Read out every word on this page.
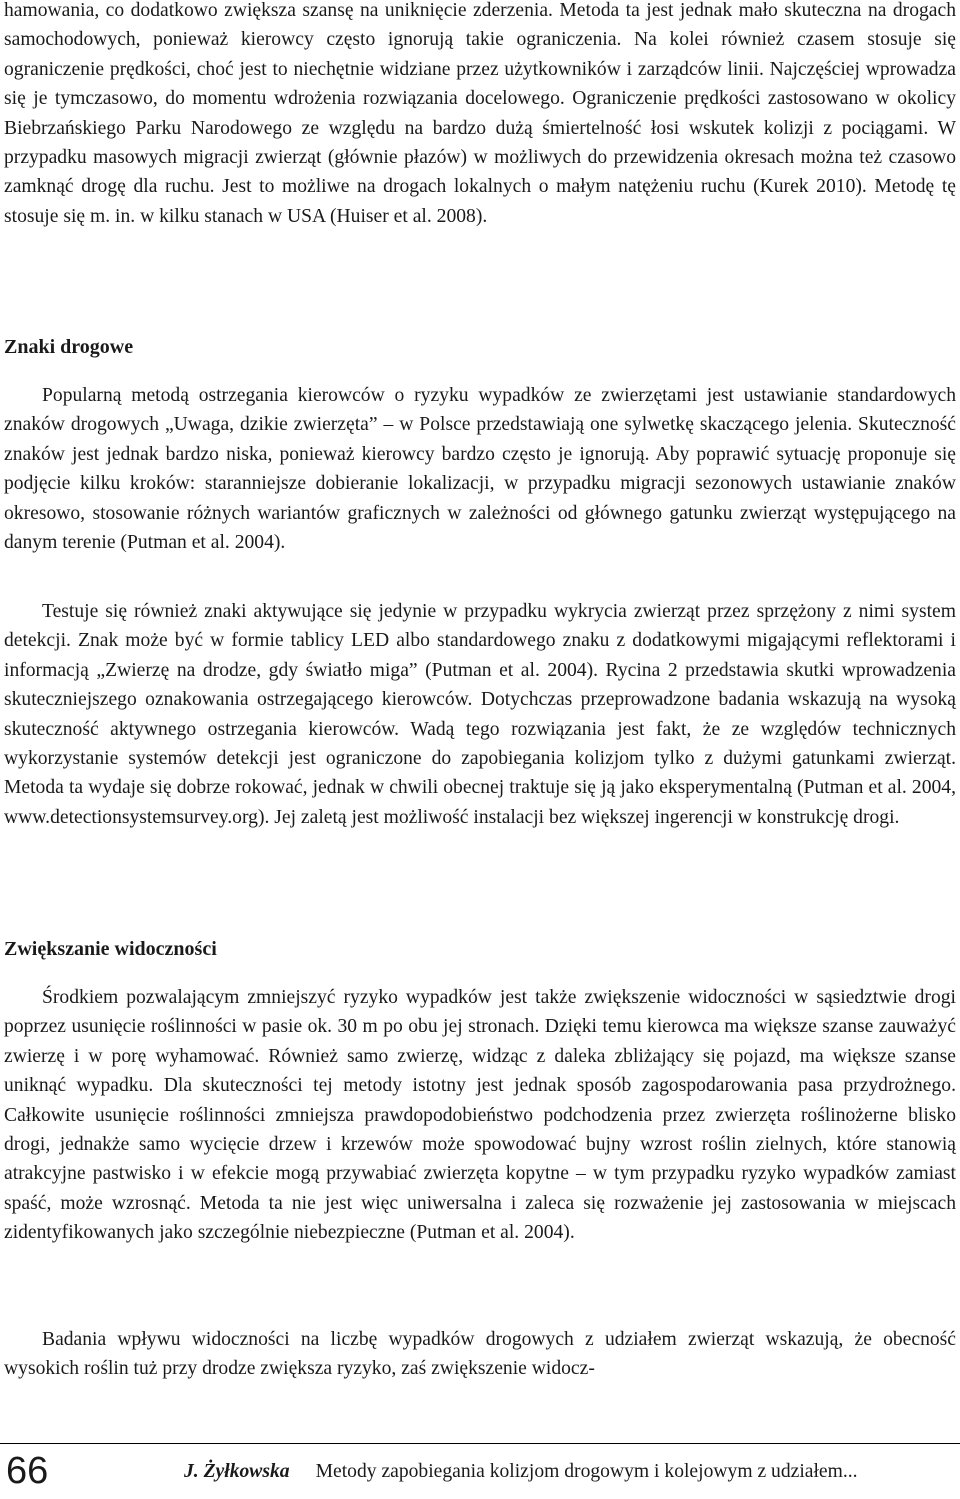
hamowania, co dodatkowo zwiększa szansę na uniknięcie zderzenia. Metoda ta jest jednak mało skuteczna na drogach samochodowych, ponieważ kierowcy często ignorują takie ograniczenia. Na kolei również czasem stosuje się ograniczenie prędkości, choć jest to niechętnie widziane przez użytkowników i zarządców linii. Najczęściej wprowadza się je tymczasowo, do momentu wdrożenia rozwiązania docelowego. Ograniczenie prędkości zastosowano w okolicy Biebrzańskiego Parku Narodowego ze względu na bardzo dużą śmiertelność łosi wskutek kolizji z pociągami. W przypadku masowych migracji zwierząt (głównie płazów) w możliwych do przewidzenia okresach można też czasowo zamknąć drogę dla ruchu. Jest to możliwe na drogach lokalnych o małym natężeniu ruchu (Kurek 2010). Metodę tę stosuje się m. in. w kilku stanach w USA (Huiser et al. 2008).

Znaki drogowe

Popularną metodą ostrzegania kierowców o ryzyku wypadków ze zwierzętami jest ustawianie standardowych znaków drogowych „Uwaga, dzikie zwierzęta” – w Polsce przedstawiają one sylwetkę skaczącego jelenia. Skuteczność znaków jest jednak bardzo niska, ponieważ kierowcy bardzo często je ignorują. Aby poprawić sytuację proponuje się podjęcie kilku kroków: staranniejsze dobieranie lokalizacji, w przypadku migracji sezonowych ustawianie znaków okresowo, stosowanie różnych wariantów graficznych w zależności od głównego gatunku zwierząt występującego na danym terenie (Putman et al. 2004).

Testuje się również znaki aktywujące się jedynie w przypadku wykrycia zwierząt przez sprzężony z nimi system detekcji. Znak może być w formie tablicy LED albo standardowego znaku z dodatkowymi migającymi reflektorami i informacją „Zwierzę na drodze, gdy światło miga” (Putman et al. 2004). Rycina 2 przedstawia skutki wprowadzenia skuteczniejszego oznakowania ostrzegającego kierowców. Dotychczas przeprowadzone badania wskazują na wysoką skuteczność aktywnego ostrzegania kierowców. Wadą tego rozwiązania jest fakt, że ze względów technicznych wykorzystanie systemów detekcji jest ograniczone do zapobiegania kolizjom tylko z dużymi gatunkami zwierząt. Metoda ta wydaje się dobrze rokować, jednak w chwili obecnej traktuje się ją jako eksperymentalną (Putman et al. 2004, www.detectionsystemsurvey.org). Jej zaletą jest możliwość instalacji bez większej ingerencji w konstrukcję drogi.

Zwiększanie widoczności

Środkiem pozwalającym zmniejszyć ryzyko wypadków jest także zwiększenie widoczności w sąsiedztwie drogi poprzez usunięcie roślinności w pasie ok. 30 m po obu jej stronach. Dzięki temu kierowca ma większe szanse zauważyć zwierzę i w porę wyhamować. Również samo zwierzę, widząc z daleka zbliżający się pojazd, ma większe szanse uniknąć wypadku. Dla skuteczności tej metody istotny jest jednak sposób zagospodarowania pasa przydrożnego. Całkowite usunięcie roślinności zmniejsza prawdopodobieństwo podchodzenia przez zwierzęta roślinożerne blisko drogi, jednakże samo wycięcie drzew i krzewów może spowodować bujny wzrost roślin zielnych, które stanowią atrakcyjne pastwisko i w efekcie mogą przywabiać zwierzęta kopytne – w tym przypadku ryzyko wypadków zamiast spaść, może wzrosnąć. Metoda ta nie jest więc uniwersalna i zaleca się rozważenie jej zastosowania w miejscach zidentyfikowanych jako szczególnie niebezpieczne (Putman et al. 2004).

Badania wpływu widoczności na liczbę wypadków drogowych z udziałem zwierząt wskazują, że obecność wysokich roślin tuż przy drodze zwiększa ryzyko, zaś zwiększenie widocz-

66	J. Żyłkowska Metody zapobiegania kolizjom drogowym i kolejowym z udziałem...
